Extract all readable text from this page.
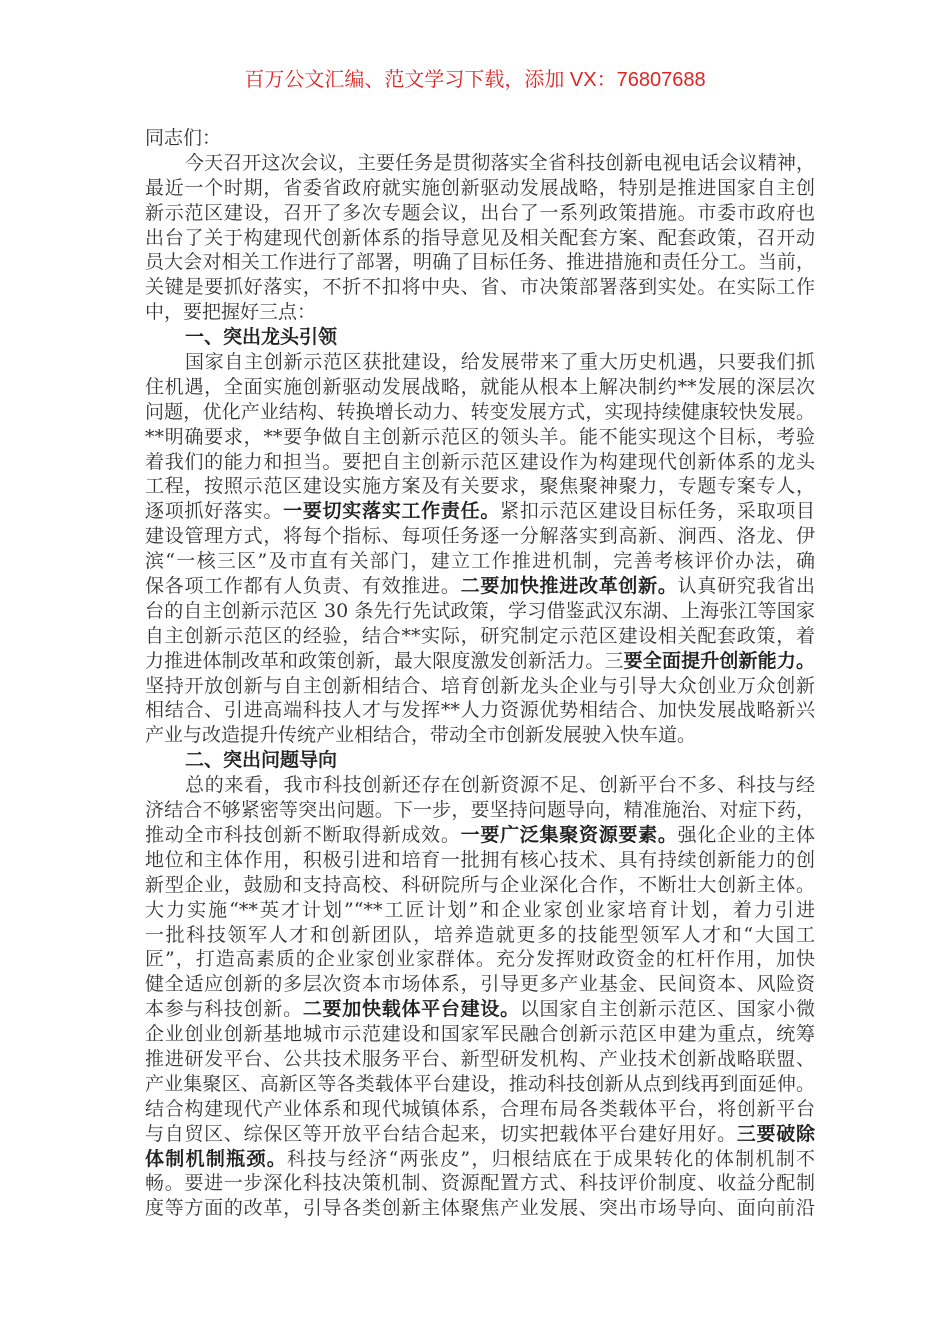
百万公文汇编、范文学习下载，添加 VX：76807688
同志们：
今天召开这次会议，主要任务是贯彻落实全省科技创新电视电话会议精神，
最近一个时期，省委省政府就实施创新驱动发展战略，特别是推进国家自主创
新示范区建设，召开了多次专题会议，出台了一系列政策措施。市委市政府也
出台了关于构建现代创新体系的指导意见及相关配套方案、配套政策，召开动
员大会对相关工作进行了部署，明确了目标任务、推进措施和责任分工。当前，
关键是要抓好落实，不折不扣将中央、省、市决策部署落到实处。在实际工作
中，要把握好三点：
一、突出龙头引领
国家自主创新示范区获批建设，给发展带来了重大历史机遇，只要我们抓
住机遇，全面实施创新驱动发展战略，就能从根本上解决制约**发展的深层次
问题，优化产业结构、转换增长动力、转变发展方式，实现持续健康较快发展。
**明确要求，**要争做自主创新示范区的领头羊。能不能实现这个目标，考验
着我们的能力和担当。要把自主创新示范区建设作为构建现代创新体系的龙头
工程，按照示范区建设实施方案及有关要求，聚焦聚神聚力，专题专案专人，
逐项抓好落实。一要切实落实工作责任。紧扣示范区建设目标任务，采取项目
建设管理方式，将每个指标、每项任务逐一分解落实到高新、涧西、洛龙、伊
滨“一核三区”及市直有关部门，建立工作推进机制，完善考核评价办法，确
保各项工作都有人负责、有效推进。二要加快推进改革创新。认真研究我省出
台的自主创新示范区 30 条先行先试政策，学习借鉴武汉东湖、上海张江等国家
自主创新示范区的经验，结合**实际，研究制定示范区建设相关配套政策，着
力推进体制改革和政策创新，最大限度激发创新活力。三要全面提升创新能力。
坚持开放创新与自主创新相结合、培育创新龙头企业与引导大众创业万众创新
相结合、引进高端科技人才与发挥**人力资源优势相结合、加快发展战略新兴
产业与改造提升传统产业相结合，带动全市创新发展驶入快车道。
二、突出问题导向
总的来看，我市科技创新还存在创新资源不足、创新平台不多、科技与经
济结合不够紧密等突出问题。下一步，要坚持问题导向，精准施治、对症下药，
推动全市科技创新不断取得新成效。一要广泛集聚资源要素。强化企业的主体
地位和主体作用，积极引进和培育一批拥有核心技术、具有持续创新能力的创
新型企业，鼓励和支持高校、科研院所与企业深化合作，不断壮大创新主体。
大力实施“**英才计划”“**工匠计划”和企业家创业家培育计划，着力引进
一批科技领军人才和创新团队，培养造就更多的技能型领军人才和“大国工
匠”，打造高素质的企业家创业家群体。充分发挥财政资金的杠杆作用，加快
健全适应创新的多层次资本市场体系，引导更多产业基金、民间资本、风险资
本参与科技创新。二要加快载体平台建设。以国家自主创新示范区、国家小微
企业创业创新基地城市示范建设和国家军民融合创新示范区申建为重点，统筹
推进研发平台、公共技术服务平台、新型研发机构、产业技术创新战略联盟、
产业集聚区、高新区等各类载体平台建设，推动科技创新从点到线再到面延伸。
结合构建现代产业体系和现代城镇体系，合理布局各类载体平台，将创新平台
与自贸区、综保区等开放平台结合起来，切实把载体平台建好用好。三要破除
体制机制瓶颈。科技与经济“两张皮”，归根结底在于成果转化的体制机制不
畅。要进一步深化科技决策机制、资源配置方式、科技评价制度、收益分配制
度等方面的改革，引导各类创新主体聚焦产业发展、突出市场导向、面向前沿
